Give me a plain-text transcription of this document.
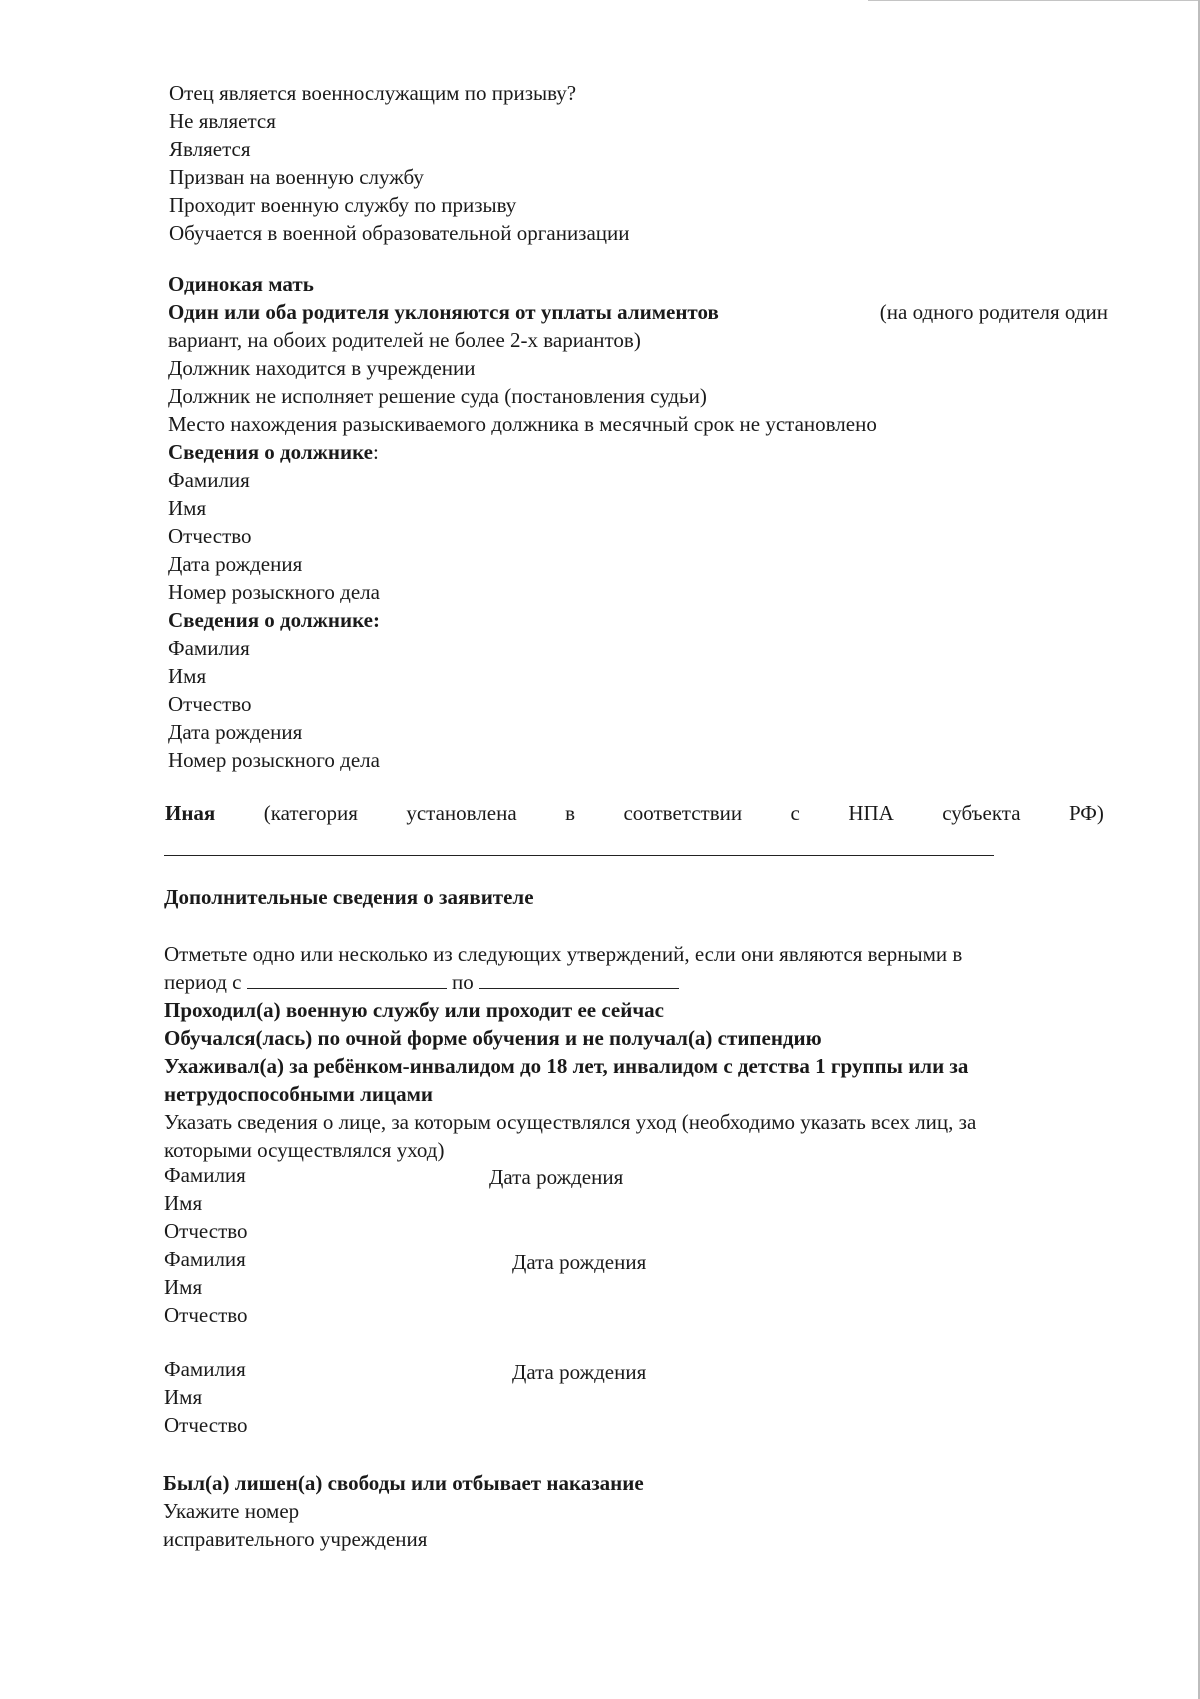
Отец является военнослужащим по призыву?
Не является
Является
Призван на военную службу
Проходит военную службу по призыву
Обучается в военной образовательной организации
Одинокая мать
Один или оба родителя уклоняются от уплаты алиментов	(на одного родителя один
вариант, на обоих родителей не более 2-х вариантов)
Должник находится в учреждении
Должник не исполняет решение суда (постановления судьи)
Место нахождения разыскиваемого должника в месячный срок не установлено
Сведения о должнике:
Фамилия
Имя
Отчество
Дата рождения
Номер розыскного дела
Сведения о должнике:
Фамилия
Имя
Отчество
Дата рождения
Номер розыскного дела
Иная (категория установлена в соответствии с НПА субъекта РФ)
Дополнительные сведения о заявителе
Отметьте одно или несколько из следующих утверждений, если они являются верными в
период с	по
Проходил(а) военную службу или проходит ее сейчас
Обучался(лась) по очной форме обучения и не получал(а) стипендию
Ухаживал(а) за ребёнком-инвалидом до 18 лет, инвалидом с детства 1 группы или за
нетрудоспособными лицами
Указать сведения о лице, за которым осуществлялся уход (необходимо указать всех лиц, за
которыми осуществлялся уход)
Фамилия
Имя
Отчество
Дата рождения
Фамилия
Имя
Отчество
Дата рождения
Фамилия
Имя
Отчество
Дата рождения
Был(а) лишен(а) свободы или отбывает наказание
Укажите номер
исправительного учреждения
